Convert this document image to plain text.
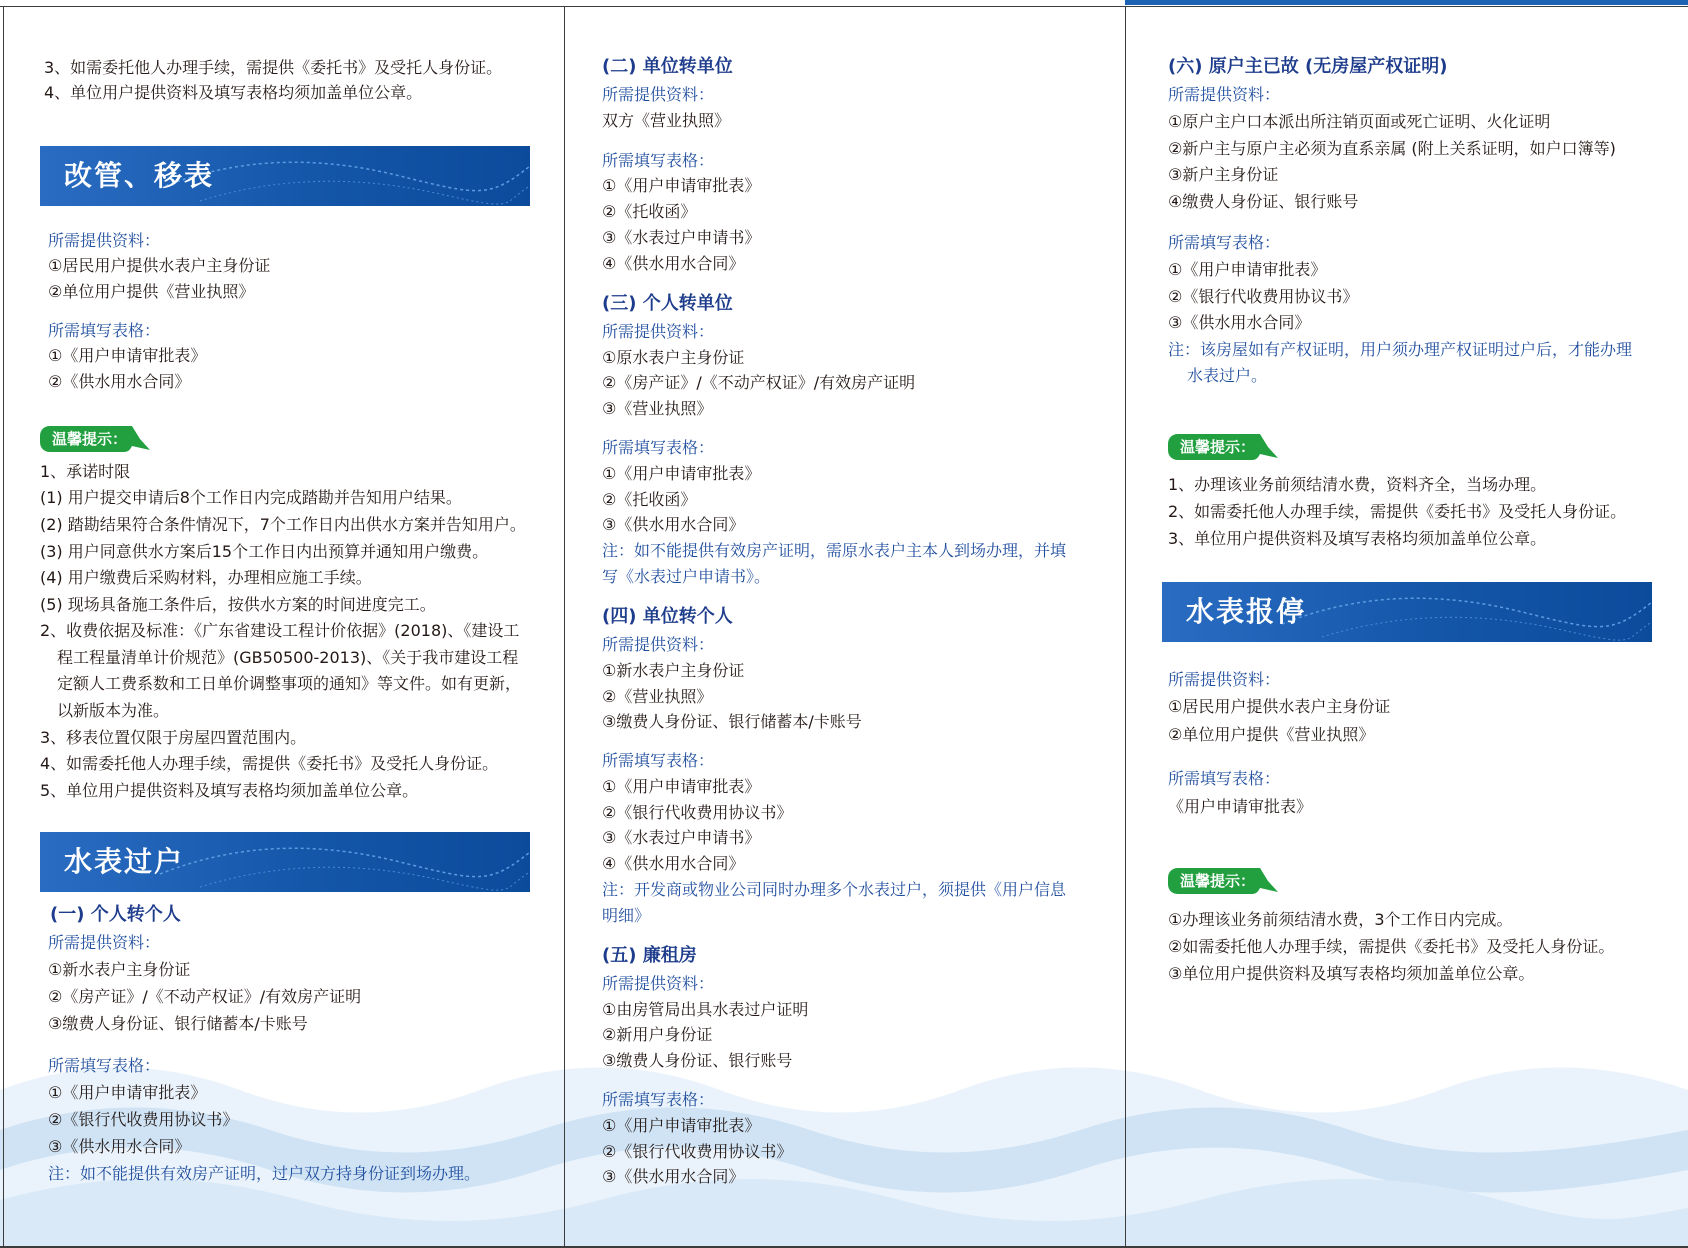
3、如需委托他人办理手续，需提供《委托书》及受托人身份证。
4、单位用户提供资料及填写表格均须加盖单位公章。
改管、移表
所需提供资料：
①居民用户提供水表户主身份证
②单位用户提供《营业执照》
所需填写表格：
①《用户申请审批表》
②《供水用水合同》
温馨提示：
1、承诺时限
(1) 用户提交申请后8个工作日内完成踏勘并告知用户结果。
(2) 踏勘结果符合条件情况下，7个工作日内出供水方案并告知用户。
(3) 用户同意供水方案后15个工作日内出预算并通知用户缴费。
(4) 用户缴费后采购材料，办理相应施工手续。
(5) 现场具备施工条件后，按供水方案的时间进度完工。
2、收费依据及标准：《广东省建设工程计价依据》(2018)、《建设工
程工程量清单计价规范》(GB50500-2013)、《关于我市建设工程
定额人工费系数和工日单价调整事项的通知》等文件。如有更新，
以新版本为准。
3、移表位置仅限于房屋四置范围内。
4、如需委托他人办理手续，需提供《委托书》及受托人身份证。
5、单位用户提供资料及填写表格均须加盖单位公章。
水表过户
(一) 个人转个人
所需提供资料：
①新水表户主身份证
②《房产证》/《不动产权证》/有效房产证明
③缴费人身份证、银行储蓄本/卡账号
所需填写表格：
①《用户申请审批表》
②《银行代收费用协议书》
③《供水用水合同》
注：如不能提供有效房产证明，过户双方持身份证到场办理。
(二) 单位转单位
所需提供资料：
双方《营业执照》
所需填写表格：
①《用户申请审批表》
②《托收函》
③《水表过户申请书》
④《供水用水合同》
(三) 个人转单位
所需提供资料：
①原水表户主身份证
②《房产证》/《不动产权证》/有效房产证明
③《营业执照》
所需填写表格：
①《用户申请审批表》
②《托收函》
③《供水用水合同》
注：如不能提供有效房产证明，需原水表户主本人到场办理，并填
写《水表过户申请书》。
(四) 单位转个人
所需提供资料：
①新水表户主身份证
②《营业执照》
③缴费人身份证、银行储蓄本/卡账号
所需填写表格：
①《用户申请审批表》
②《银行代收费用协议书》
③《水表过户申请书》
④《供水用水合同》
注：开发商或物业公司同时办理多个水表过户，须提供《用户信息
明细》
(五) 廉租房
所需提供资料：
①由房管局出具水表过户证明
②新用户身份证
③缴费人身份证、银行账号
所需填写表格：
①《用户申请审批表》
②《银行代收费用协议书》
③《供水用水合同》
(六) 原户主已故 (无房屋产权证明)
所需提供资料：
①原户主户口本派出所注销页面或死亡证明、火化证明
②新户主与原户主必须为直系亲属 (附上关系证明，如户口簿等)
③新户主身份证
④缴费人身份证、银行账号
所需填写表格：
①《用户申请审批表》
②《银行代收费用协议书》
③《供水用水合同》
注：该房屋如有产权证明，用户须办理产权证明过户后，才能办理
水表过户。
温馨提示：
1、办理该业务前须结清水费，资料齐全，当场办理。
2、如需委托他人办理手续，需提供《委托书》及受托人身份证。
3、单位用户提供资料及填写表格均须加盖单位公章。
水表报停
所需提供资料：
①居民用户提供水表户主身份证
②单位用户提供《营业执照》
所需填写表格：
《用户申请审批表》
温馨提示：
①办理该业务前须结清水费，3个工作日内完成。
②如需委托他人办理手续，需提供《委托书》及受托人身份证。
③单位用户提供资料及填写表格均须加盖单位公章。
